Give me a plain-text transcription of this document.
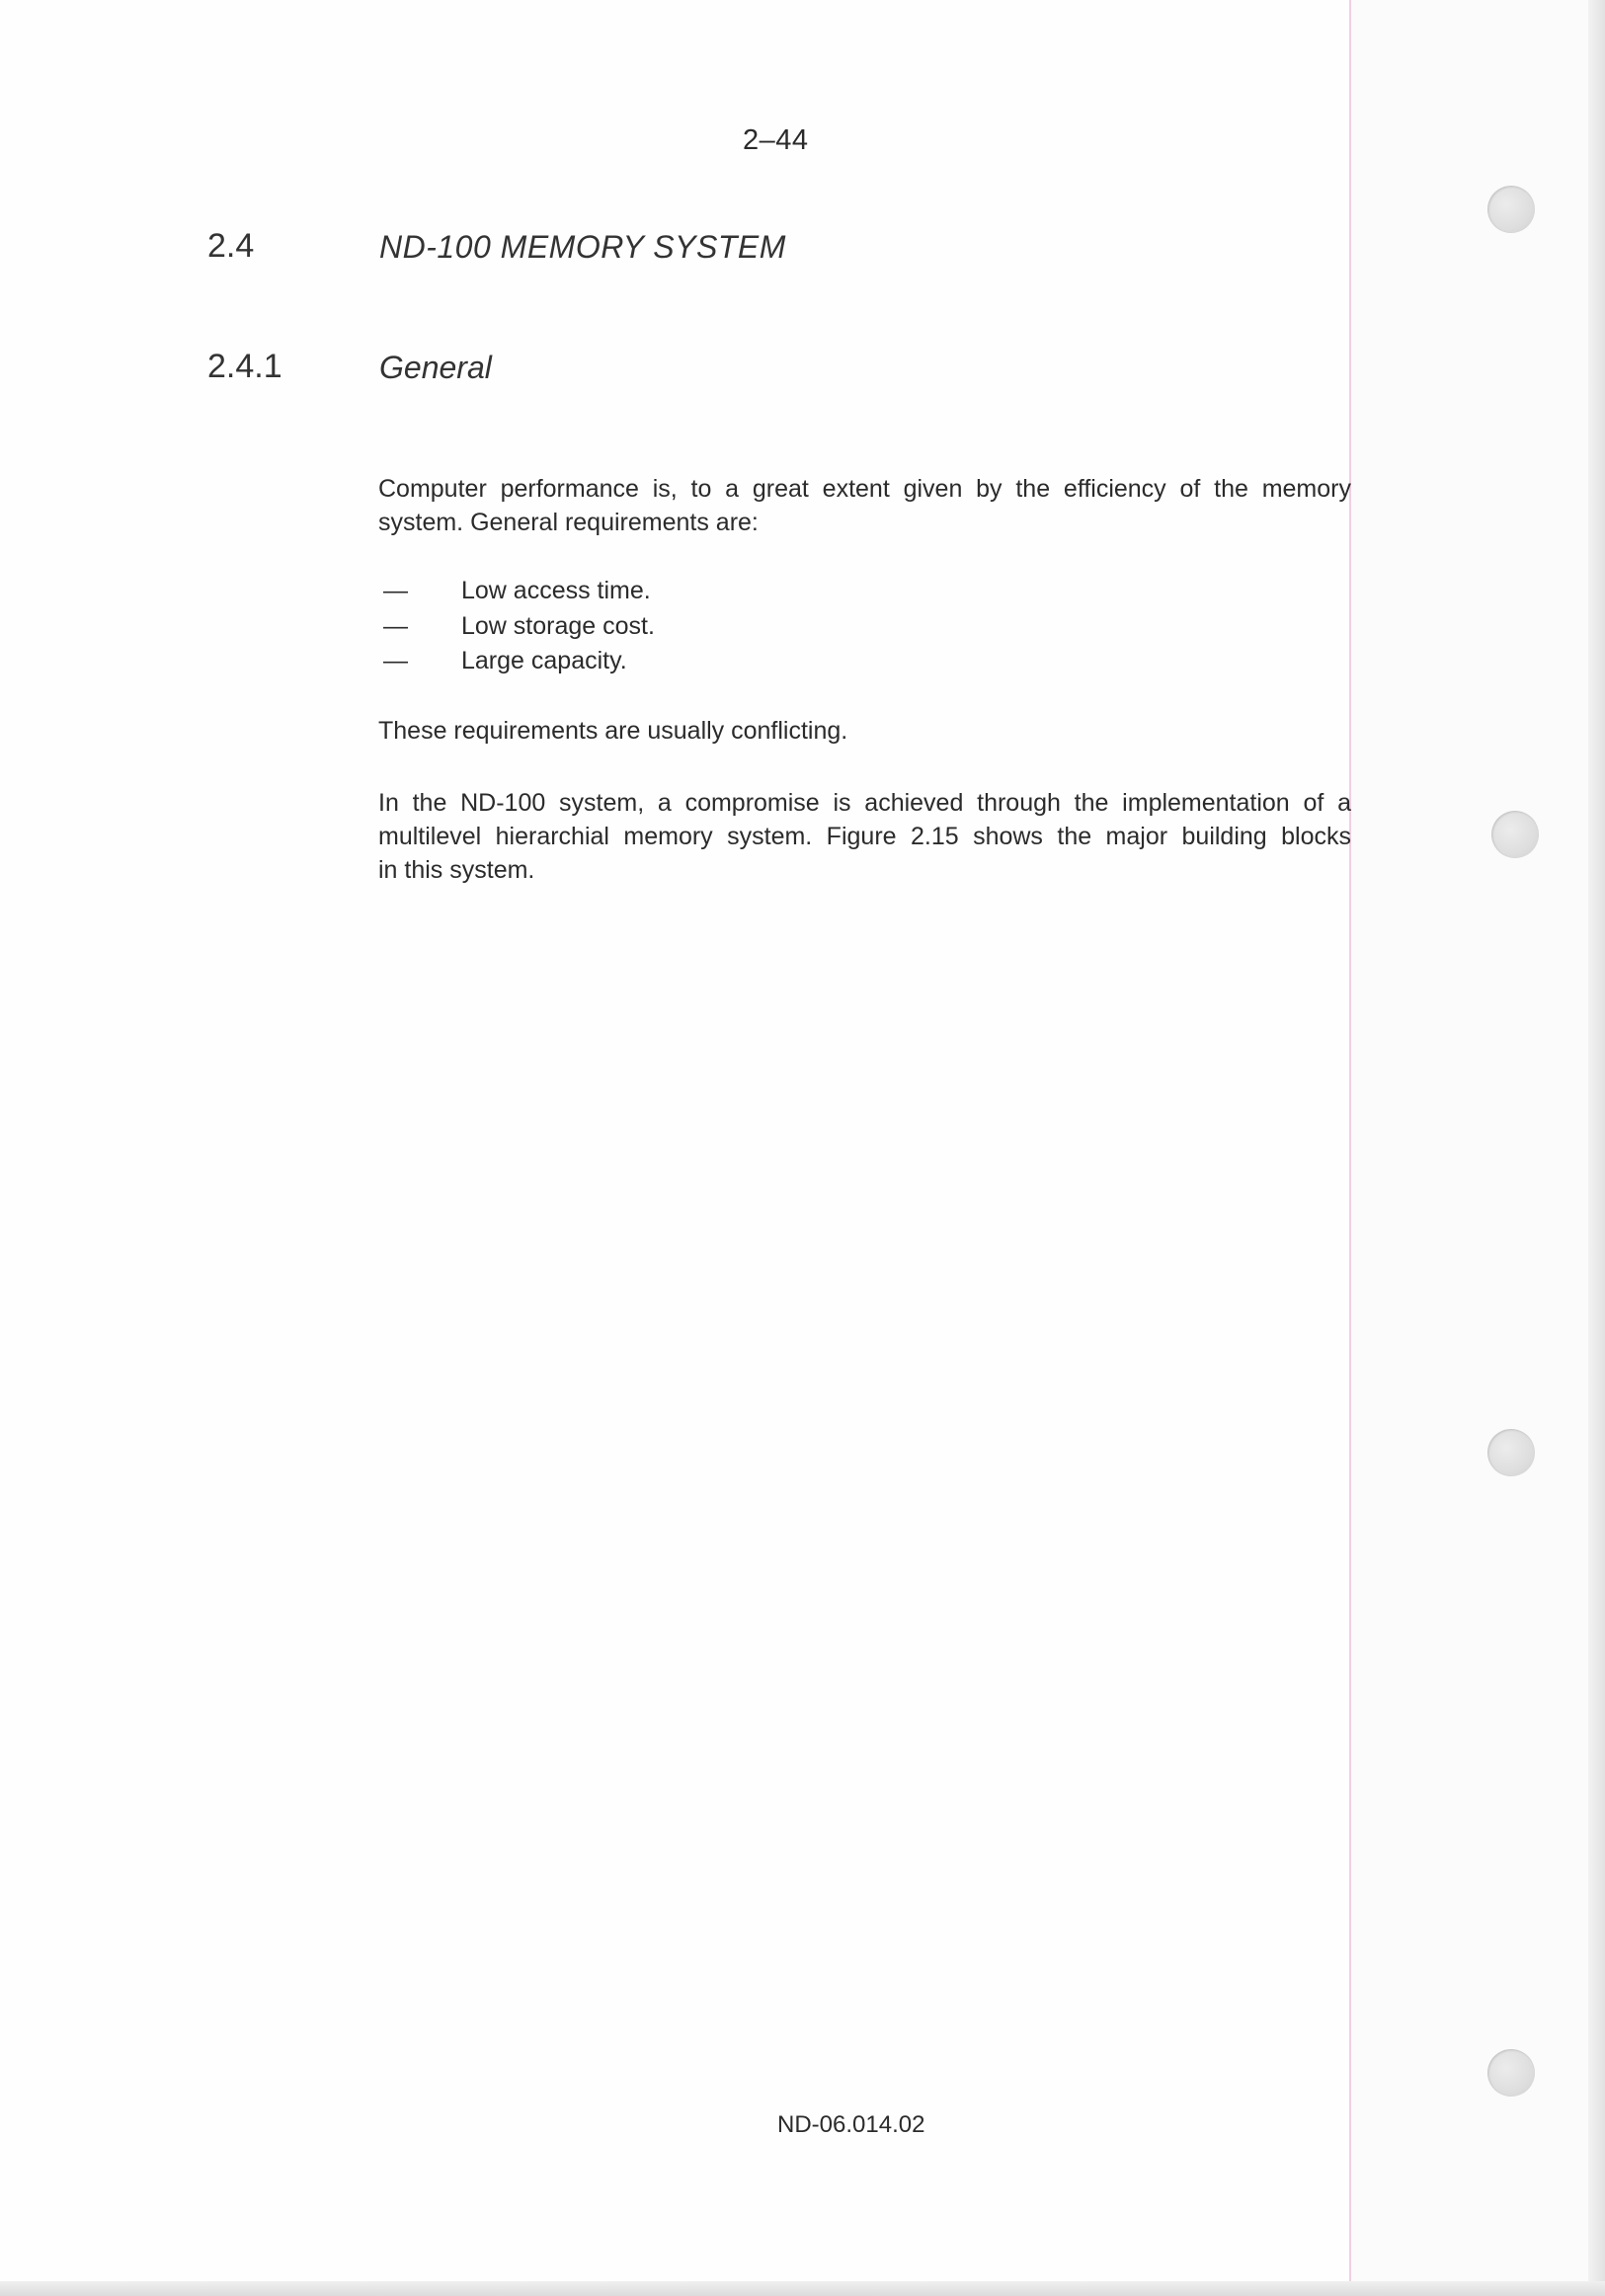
2–44
2.4	ND-100 MEMORY SYSTEM
2.4.1	General
Computer performance is, to a great extent given by the efficiency of the memory
system. General requirements are:
— Low access time.
— Low storage cost.
— Large capacity.
These requirements are usually conflicting.
In the ND-100 system, a compromise is achieved through the implementation of a
multilevel hierarchial memory system. Figure 2.15 shows the major building blocks
in this system.
ND-06.014.02
